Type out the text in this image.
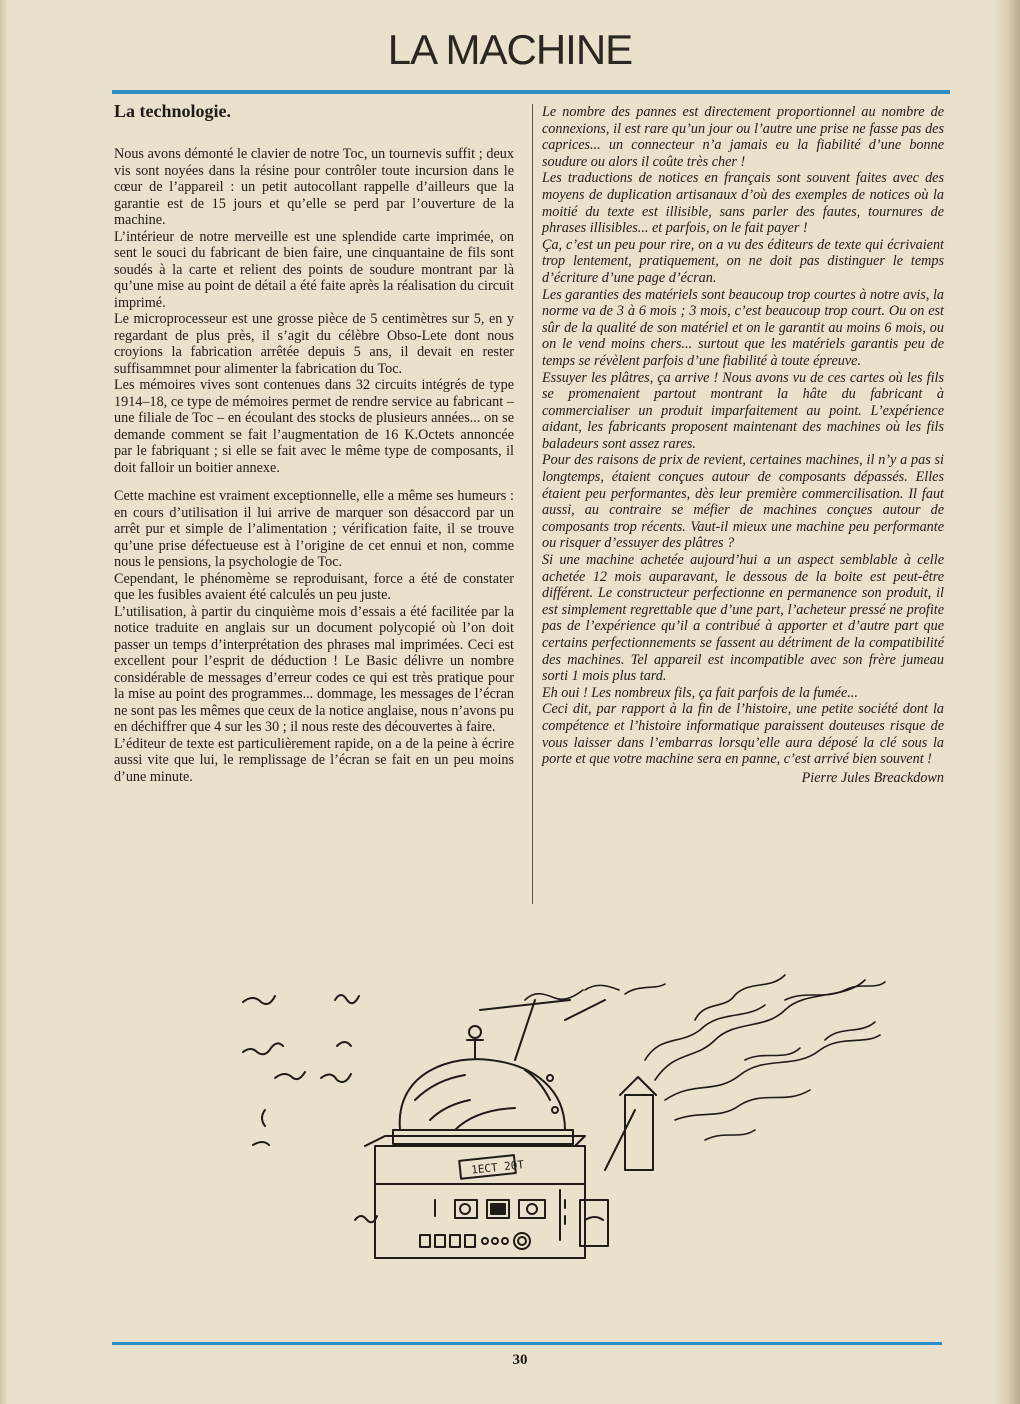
LA MACHINE
La technologie.

Nous avons démonté le clavier de notre Toc, un tournevis suffit ; deux vis sont noyées dans la résine pour contrôler toute incursion dans le cœur de l’appareil : un petit autocollant rappelle d’ailleurs que la garantie est de 15 jours et qu’elle se perd par l’ouverture de la machine.

L’intérieur de notre merveille est une splendide carte imprimée, on sent le souci du fabricant de bien faire, une cinquantaine de fils sont soudés à la carte et relient des points de soudure montrant par là qu’une mise au point de détail a été faite après la réalisation du circuit imprimé.

Le microprocesseur est une grosse pièce de 5 centimètres sur 5, en y regardant de plus près, il s’agit du célèbre Obso-Lete dont nous croyions la fabrication arrêtée depuis 5 ans, il devait en rester suffisammnet pour alimenter la fabrication du Toc.

Les mémoires vives sont contenues dans 32 circuits intégrés de type 1914–18, ce type de mémoires permet de rendre service au fabricant – une filiale de Toc – en écoulant des stocks de plusieurs années... on se demande comment se fait l’augmentation de 16 K.Octets annoncée par le fabriquant ; si elle se fait avec le même type de composants, il doit falloir un boitier annexe.

Cette machine est vraiment exceptionnelle, elle a même ses humeurs : en cours d’utilisation il lui arrive de marquer son désaccord par un arrêt pur et simple de l’alimentation ; vérification faite, il se trouve qu’une prise défectueuse est à l’origine de cet ennui et non, comme nous le pensions, la psychologie de Toc.

Cependant, le phénomème se reproduisant, force a été de constater que les fusibles avaient été calculés un peu juste.

L’utilisation, à partir du cinquième mois d’essais a été facilitée par la notice traduite en anglais sur un document polycopié où l’on doit passer un temps d’interprétation des phrases mal imprimées. Ceci est excellent pour l’esprit de déduction ! Le Basic délivre un nombre considérable de messages d’erreur codes ce qui est très pratique pour la mise au point des programmes... dommage, les messages de l’écran ne sont pas les mêmes que ceux de la notice anglaise, nous n’avons pu en déchiffrer que 4 sur les 30 ; il nous reste des découvertes à faire.

L’éditeur de texte est particulièrement rapide, on a de la peine à écrire aussi vite que lui, le remplissage de l’écran se fait en un peu moins d’une minute.

Le nombre des pannes est directement proportionnel au nombre de connexions, il est rare qu’un jour ou l’autre une prise ne fasse pas des caprices... un connecteur n’a jamais eu la fiabilité d’une bonne soudure ou alors il coûte très cher !

Les traductions de notices en français sont souvent faites avec des moyens de duplication artisanaux d’où des exemples de notices où la moitié du texte est illisible, sans parler des fautes, tournures de phrases illisibles... et parfois, on le fait payer !

Ça, c’est un peu pour rire, on a vu des éditeurs de texte qui écrivaient trop lentement, pratiquement, on ne doit pas distinguer le temps d’écriture d’une page d’écran.

Les garanties des matériels sont beaucoup trop courtes à notre avis, la norme va de 3 à 6 mois ; 3 mois, c’est beaucoup trop court. Ou on est sûr de la qualité de son matériel et on le garantit au moins 6 mois, ou on le vend moins chers... surtout que les matériels garantis peu de temps se révèlent parfois d’une fiabilité à toute épreuve.

Essuyer les plâtres, ça arrive ! Nous avons vu de ces cartes où les fils se promenaient partout montrant la hâte du fabricant à commercialiser un produit imparfaitement au point. L’expérience aidant, les fabricants proposent maintenant des machines où les fils baladeurs sont assez rares.

Pour des raisons de prix de revient, certaines machines, il n’y a pas si longtemps, étaient conçues autour de composants dépassés. Elles étaient peu performantes, dès leur première commercilisation. Il faut aussi, au contraire se méfier de machines conçues autour de composants trop récents. Vaut-il mieux une machine peu performante ou risquer d’essuyer des plâtres ?

Si une machine achetée aujourd’hui a un aspect semblable à celle achetée 12 mois auparavant, le dessous de la boite est peut-être différent. Le constructeur perfectionne en permanence son produit, il est simplement regrettable que d’une part, l’acheteur pressé ne profite pas de l’expérience qu’il a contribué à apporter et d’autre part que certains perfectionnements se fassent au détriment de la compatibilité des machines. Tel appareil est incompatible avec son frère jumeau sorti 1 mois plus tard.

Eh oui ! Les nombreux fils, ça fait parfois de la fumée...

Ceci dit, par rapport à la fin de l’histoire, une petite société dont la compétence et l’histoire informatique paraissent douteuses risque de vous laisser dans l’embarras lorsqu’elle aura déposé la clé sous la porte et que votre machine sera en panne, c’est arrivé bien souvent !

Pierre Jules Breackdown

1ECT 20T
30
